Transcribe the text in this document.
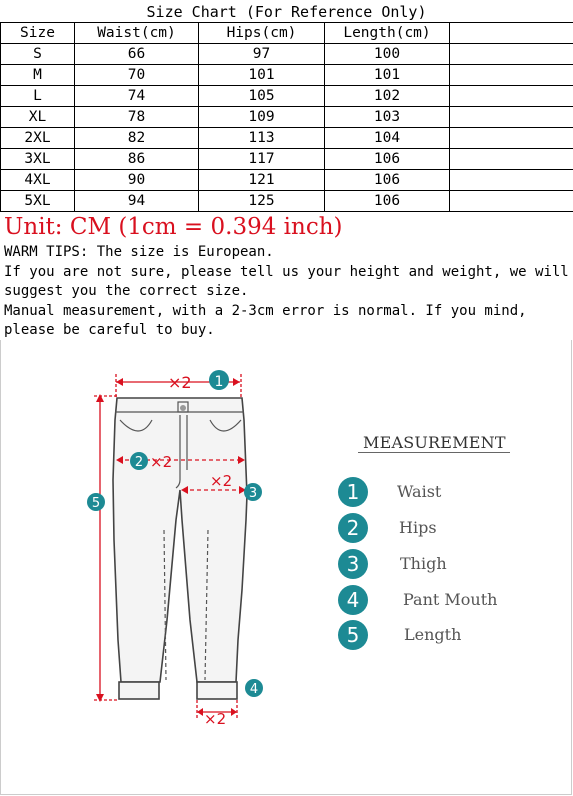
Size Chart (For Reference Only)
Size	Waist(cm)	Hips(cm)	Length(cm)	
S	66	97	100	
M	70	101	101	
L	74	105	102	
XL	78	109	103	
2XL	82	113	104	
3XL	86	117	106	
4XL	90	121	106	
5XL	94	125	106	
Unit: CM (1cm = 0.394 inch)

WARM TIPS: The size is European.

If you are not sure, please tell us your height and weight, we will suggest you the correct size.

Manual measurement, with a 2-3cm error is normal. If you mind, please be careful to buy.

×2 1
2 ×2
×2
3
5
×2
4
MEASUREMENT
1	Waist
2	Hips
3	Thigh
4	Pant Mouth
5	Length
